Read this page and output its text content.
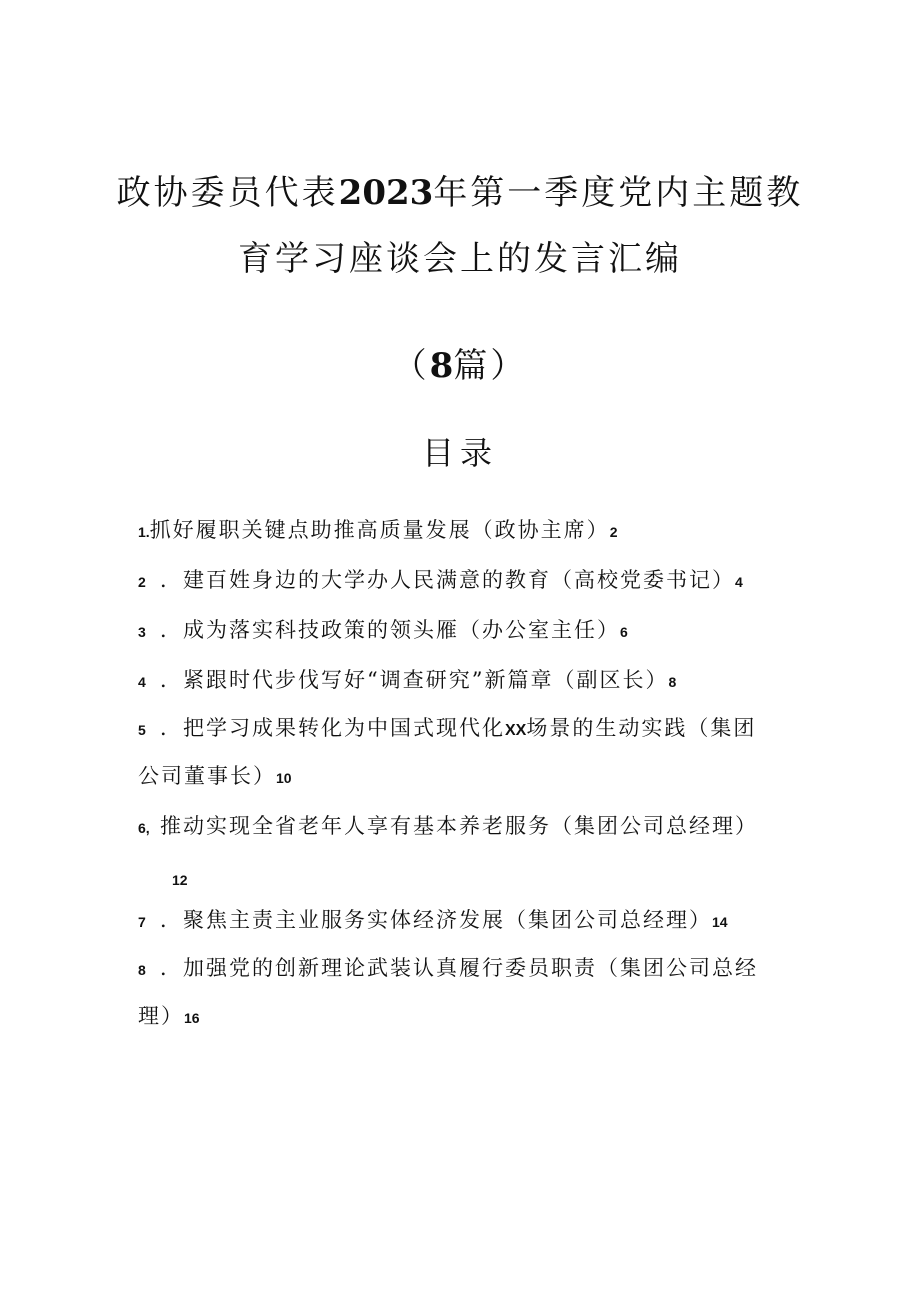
政协委员代表2023年第一季度党内主题教
育学习座谈会上的发言汇编
（8篇）
目录
1.抓好履职关键点助推高质量发展（政协主席）2
2 ．建百姓身边的大学办人民满意的教育（高校党委书记）4
3 ．成为落实科技政策的领头雁（办公室主任）6
4 ．紧跟时代步伐写好“调查研究”新篇章（副区长）8
5 ．把学习成果转化为中国式现代化XX场景的生动实践（集团
公司董事长）10
6, 推动实现全省老年人享有基本养老服务（集团公司总经理）
12
7 ．聚焦主责主业服务实体经济发展（集团公司总经理）14
8 ．加强党的创新理论武装认真履行委员职责（集团公司总经
理）16
